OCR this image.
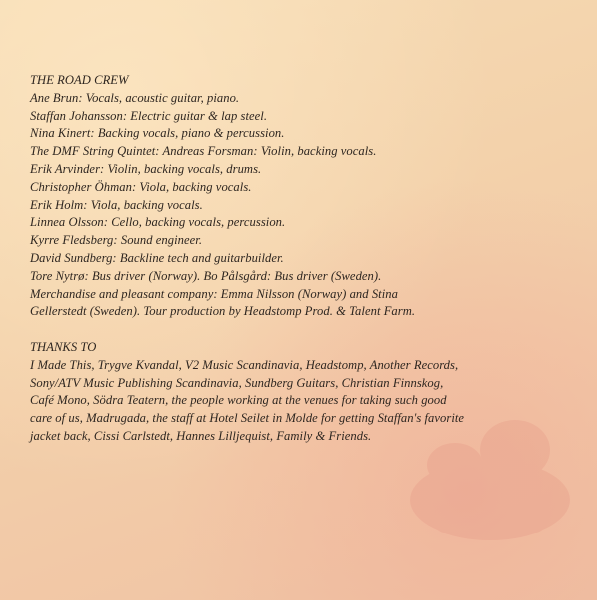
THE ROAD CREW
Ane Brun: Vocals, acoustic guitar, piano.
Staffan Johansson: Electric guitar & lap steel.
Nina Kinert: Backing vocals, piano & percussion.
The DMF String Quintet: Andreas Forsman: Violin, backing vocals.
Erik Arvinder: Violin, backing vocals, drums.
Christopher Öhman: Viola, backing vocals.
Erik Holm: Viola, backing vocals.
Linnea Olsson: Cello, backing vocals, percussion.
Kyrre Fledsberg: Sound engineer.
David Sundberg: Backline tech and guitarbuilder.
Tore Nytrø: Bus driver (Norway). Bo Pålsgård: Bus driver (Sweden).
Merchandise and pleasant company: Emma Nilsson (Norway) and Stina
Gellerstedt (Sweden). Tour production by Headstomp Prod. & Talent Farm.
THANKS TO
I Made This, Trygve Kvandal, V2 Music Scandinavia, Headstomp, Another Records,
Sony/ATV Music Publishing Scandinavia, Sundberg Guitars, Christian Finnskog,
Café Mono, Södra Teatern, the people working at the venues for taking such good
care of us, Madrugada, the staff at Hotel Seilet in Molde for getting Staffan's favorite
jacket back, Cissi Carlstedt, Hannes Lilljequist, Family & Friends.
